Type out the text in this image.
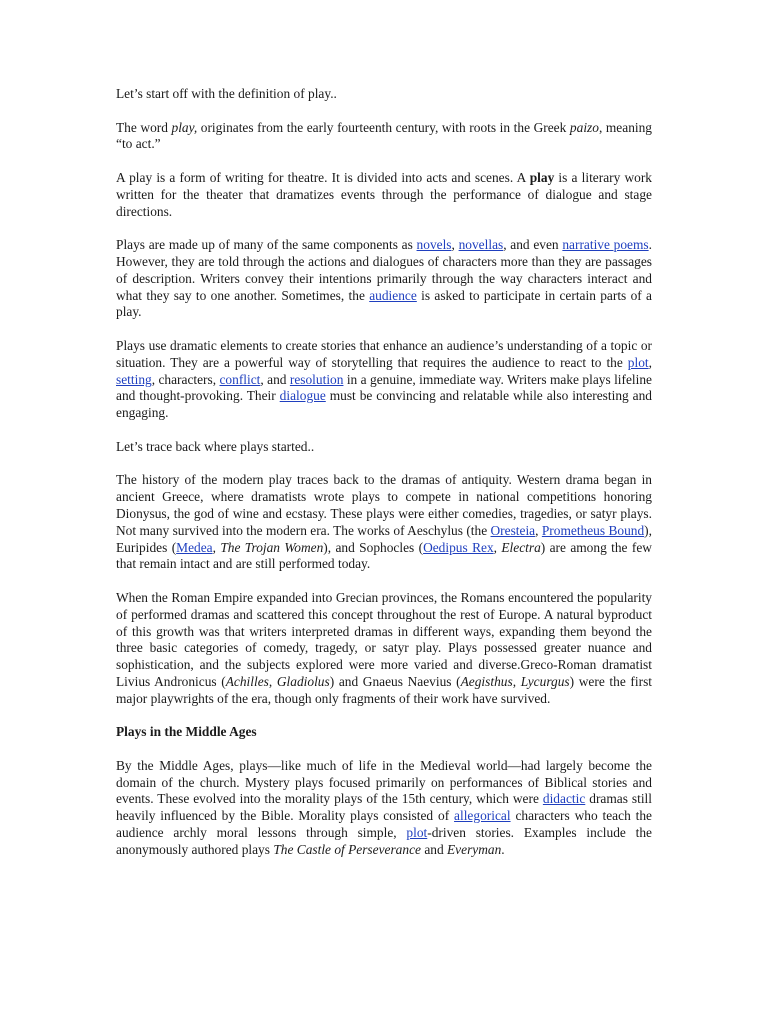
Let’s start off with the definition of play..

The word play, originates from the early fourteenth century, with roots in the Greek paizo, meaning “to act.”

A play is a form of writing for theatre. It is divided into acts and scenes. A play is a literary work written for the theater that dramatizes events through the performance of dialogue and stage directions.

Plays are made up of many of the same components as novels, novellas, and even narrative poems. However, they are told through the actions and dialogues of characters more than they are passages of description. Writers convey their intentions primarily through the way characters interact and what they say to one another. Sometimes, the audience is asked to participate in certain parts of a play.

Plays use dramatic elements to create stories that enhance an audience’s understanding of a topic or situation. They are a powerful way of storytelling that requires the audience to react to the plot, setting, characters, conflict, and resolution in a genuine, immediate way. Writers make plays lifeline and thought-provoking. Their dialogue must be convincing and relatable while also interesting and engaging.

Let’s trace back where plays started..

The history of the modern play traces back to the dramas of antiquity. Western drama began in ancient Greece, where dramatists wrote plays to compete in national competitions honoring Dionysus, the god of wine and ecstasy. These plays were either comedies, tragedies, or satyr plays. Not many survived into the modern era. The works of Aeschylus (the Oresteia, Prometheus Bound), Euripides (Medea, The Trojan Women), and Sophocles (Oedipus Rex, Electra) are among the few that remain intact and are still performed today.

When the Roman Empire expanded into Grecian provinces, the Romans encountered the popularity of performed dramas and scattered this concept throughout the rest of Europe. A natural byproduct of this growth was that writers interpreted dramas in different ways, expanding them beyond the three basic categories of comedy, tragedy, or satyr play. Plays possessed greater nuance and sophistication, and the subjects explored were more varied and diverse.Greco-Roman dramatist Livius Andronicus (Achilles, Gladiolus) and Gnaeus Naevius (Aegisthus, Lycurgus) were the first major playwrights of the era, though only fragments of their work have survived.

Plays in the Middle Ages

By the Middle Ages, plays—like much of life in the Medieval world—had largely become the domain of the church. Mystery plays focused primarily on performances of Biblical stories and events. These evolved into the morality plays of the 15th century, which were didactic dramas still heavily influenced by the Bible. Morality plays consisted of allegorical characters who teach the audience archly moral lessons through simple, plot-driven stories. Examples include the anonymously authored plays The Castle of Perseverance and Everyman.
